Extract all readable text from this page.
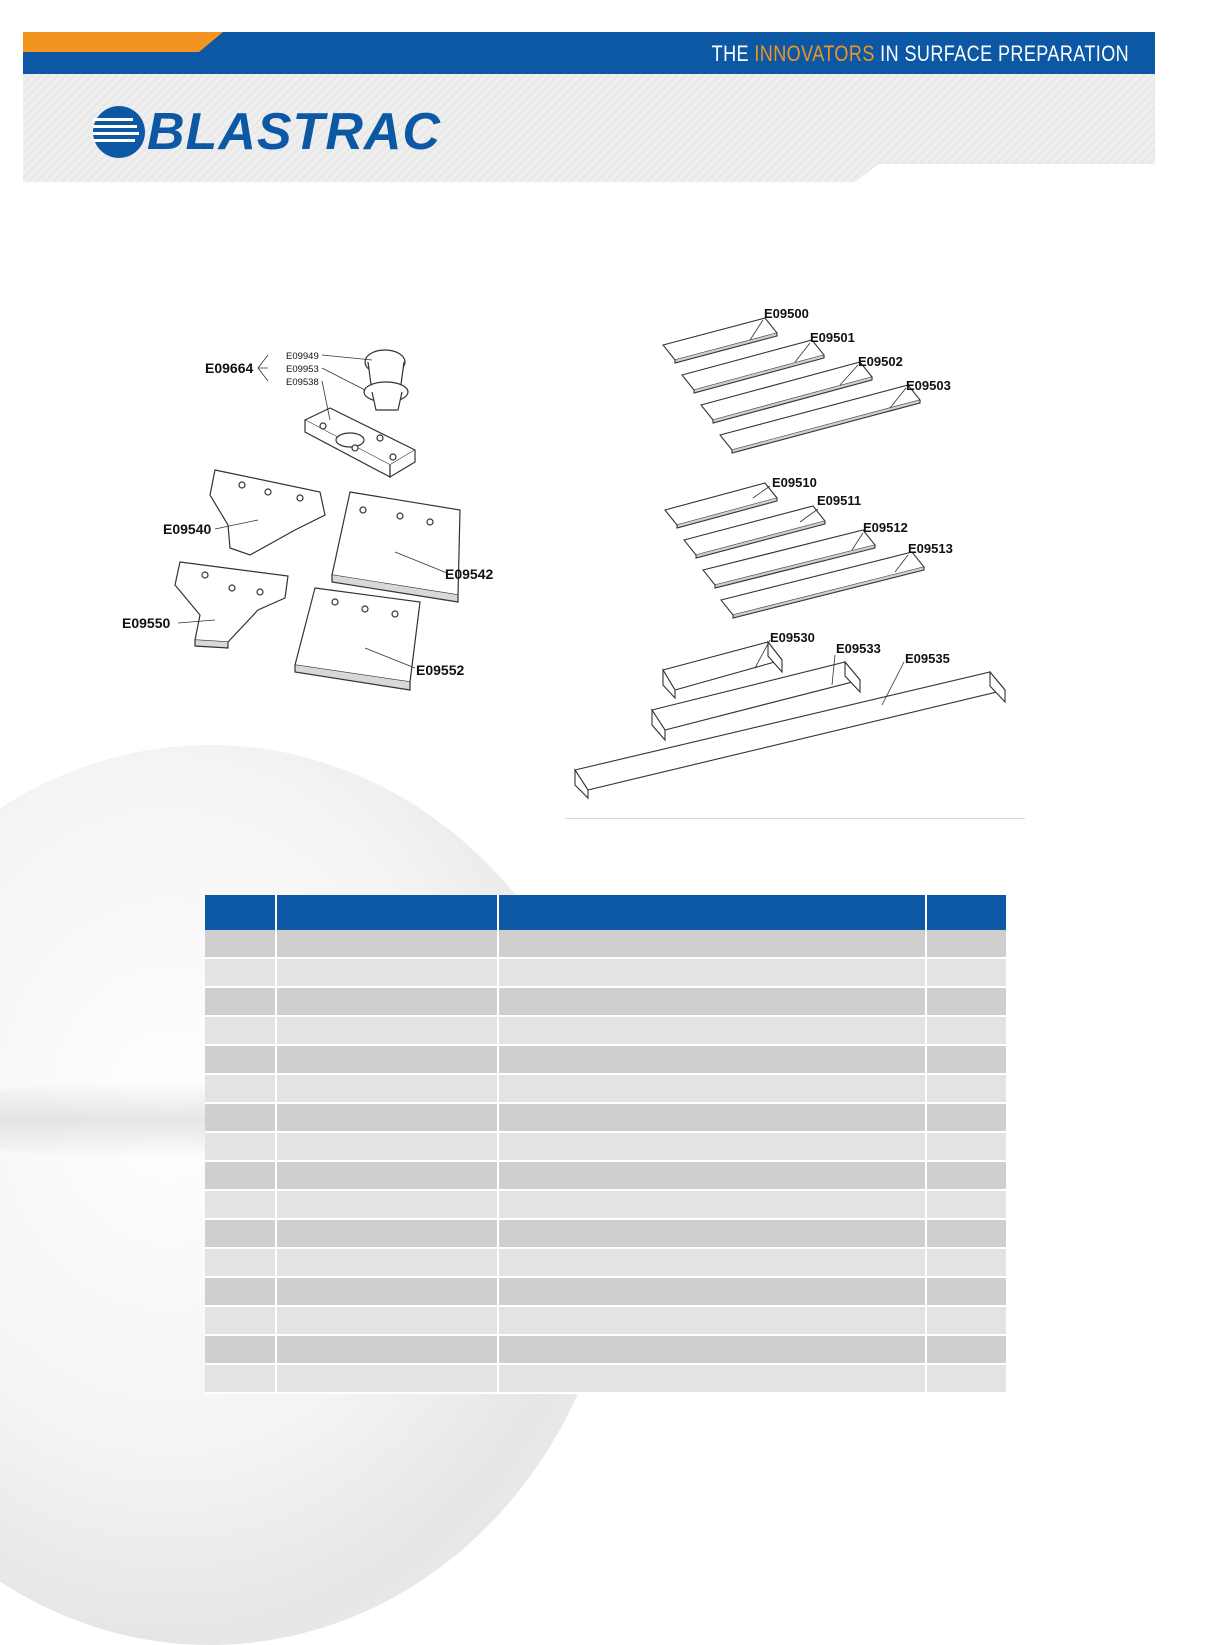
THE INNOVATORS IN SURFACE PREPARATION
BLASTRAC
E09664
E09949
E09953
E09538
E09540
E09542
E09550
E09552
E09500
E09501
E09502
E09503
E09510
E09511
E09512
E09513
E09530
E09533
E09535
